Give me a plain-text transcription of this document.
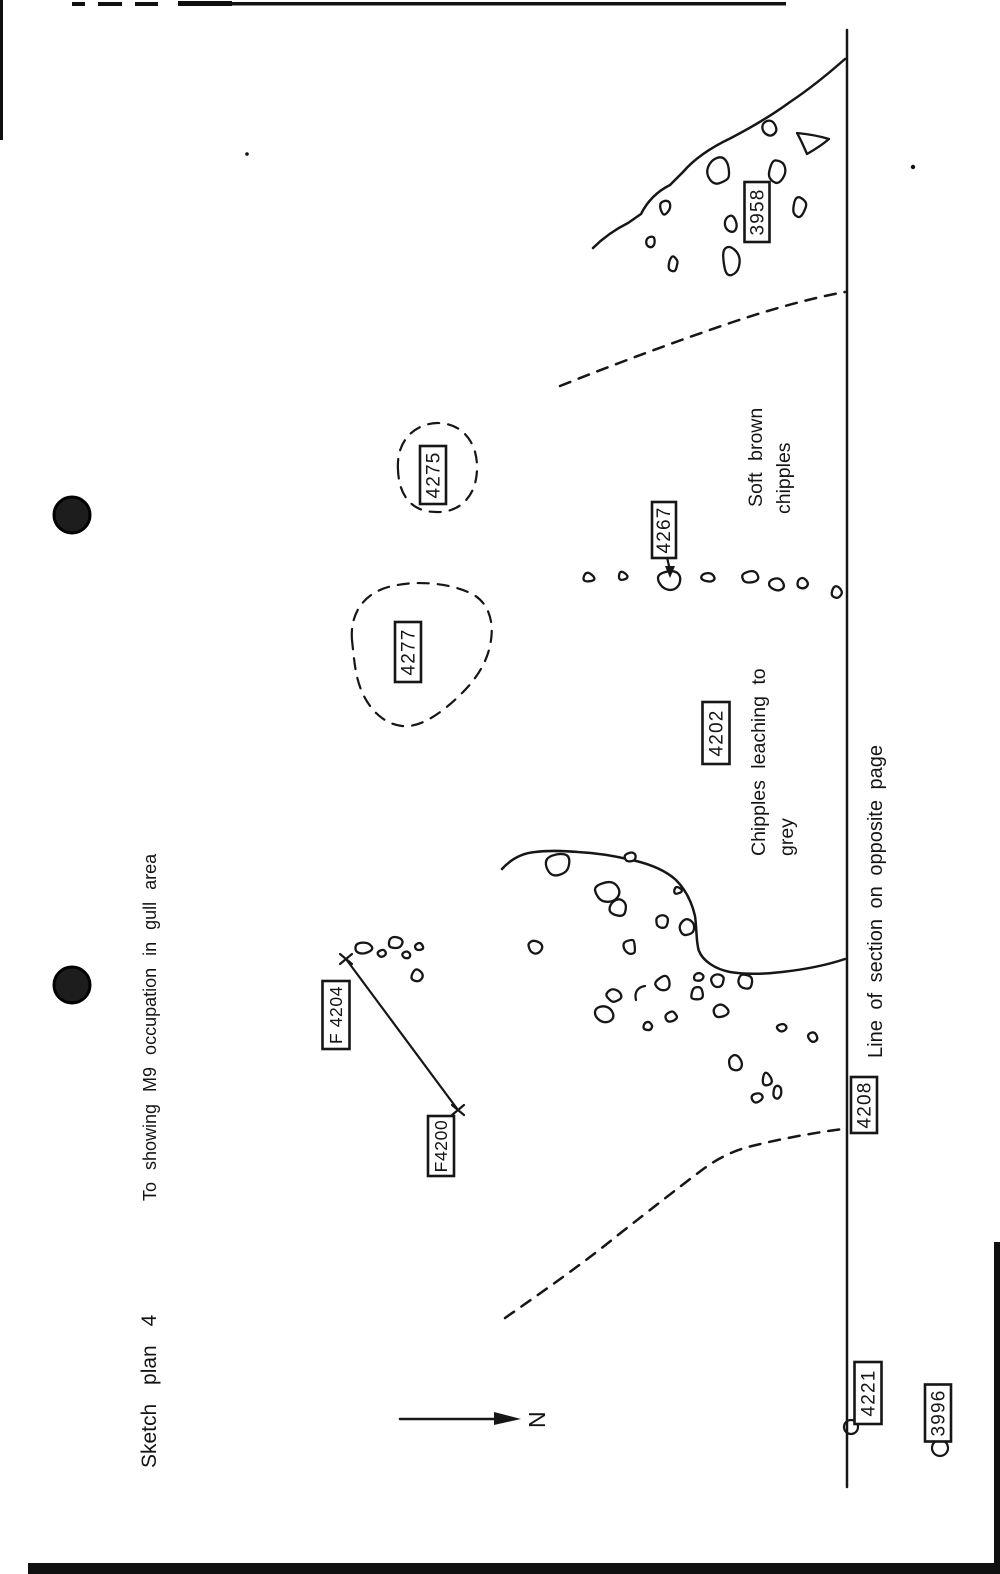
N
3958
4275
4267
4277
4202
F 4204
F4200
4208
4221	3996
Soft brown chipples
Chipples leaching to grey	Line of section on opposite page
Sketch plan 4
To showing M9 occupation in gull area
